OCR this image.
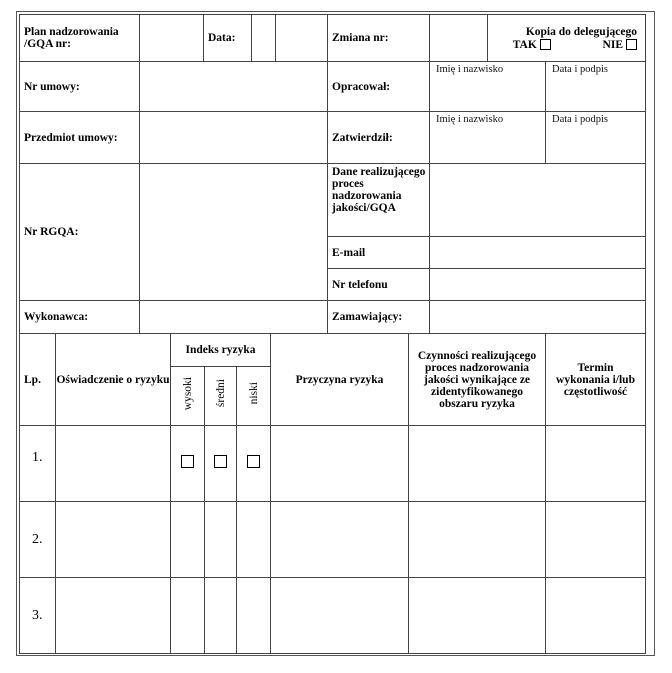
Plan nadzorowania /GQA nr:		Data:			Zmiana nr:		Kopia do delegującego
TAK NIE	

Nr umowy:					Opracował:	Imię i nazwisko		Data i podpis
Przedmiot umowy:					Zatwierdził:	Imię i nazwisko		Data i podpis
Nr RGQA:					Dane realizującego proces nadzorowania jakości/GQA			
					E-mail			
					Nr telefonu			
Wykonawca:					Zamawiający:			
Lp.	Oświadczenie o ryzyku	Indeks ryzyka			Przyczyna ryzyka	Czynności realizującego proces nadzorowania jakości wynikające ze zidentyfikowanego obszaru ryzyka	Termin wykonania i/lub częstotliwość
		wysoki	średni	niski			
1.							
2.							
3.							
